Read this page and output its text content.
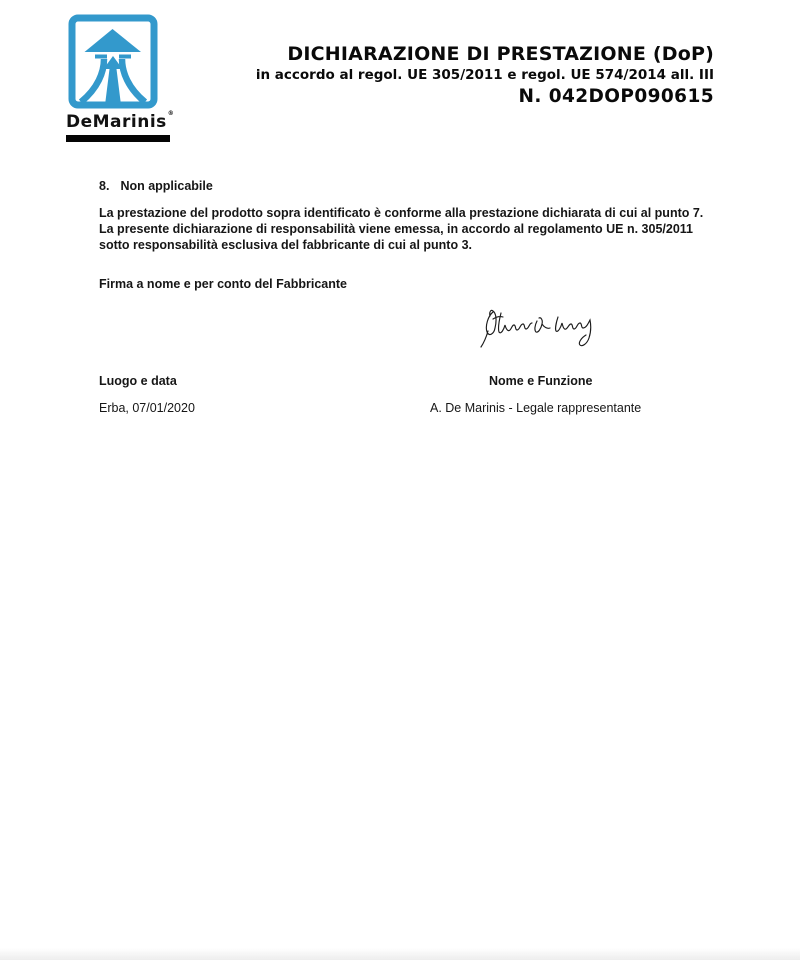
DeMarinis®
DICHIARAZIONE DI PRESTAZIONE (DoP)
in accordo al regol. UE 305/2011 e regol. UE 574/2014 all. III
N. 042DOP090615
8. Non applicabile
La prestazione del prodotto sopra identificato è conforme alla prestazione dichiarata di cui al punto 7.
La presente dichiarazione di responsabilità viene emessa, in accordo al regolamento UE n. 305/2011
sotto responsabilità esclusiva del fabbricante di cui al punto 3.
Firma a nome e per conto del Fabbricante
Luogo e data	Nome e Funzione
Erba, 07/01/2020	A. De Marinis - Legale rappresentante
